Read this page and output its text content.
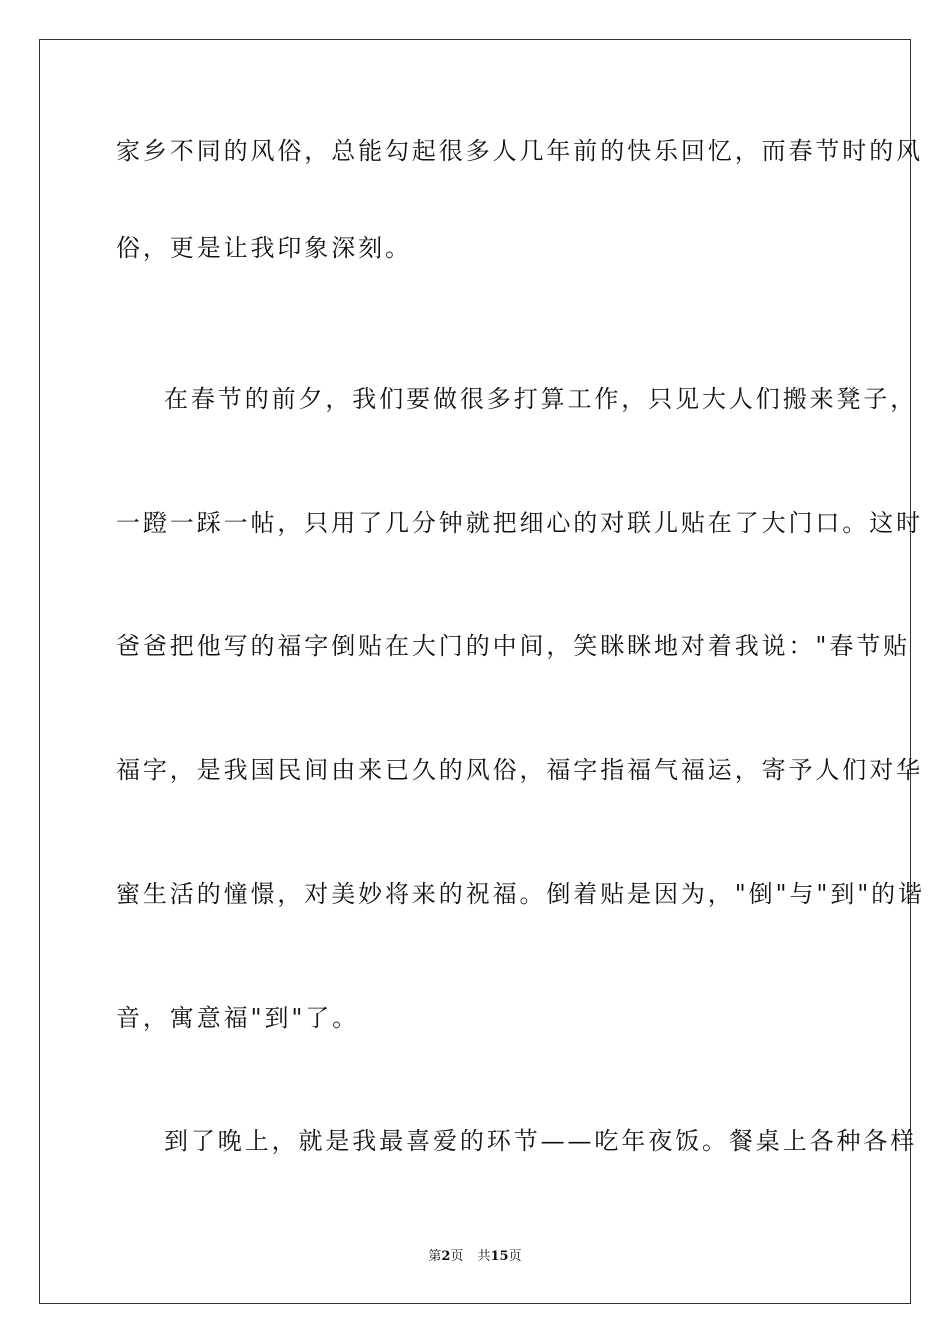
家乡不同的风俗，总能勾起很多人几年前的快乐回忆，而春节时的风
俗，更是让我印象深刻。
在春节的前夕，我们要做很多打算工作，只见大人们搬来凳子，
一蹬一踩一帖，只用了几分钟就把细心的对联儿贴在了大门口。这时
爸爸把他写的福字倒贴在大门的中间，笑眯眯地对着我说："春节贴
福字，是我国民间由来已久的风俗，福字指福气福运，寄予人们对华
蜜生活的憧憬，对美妙将来的祝福。倒着贴是因为，"倒"与"到"的谐
音，寓意福"到"了。
到了晚上，就是我最喜爱的环节——吃年夜饭。餐桌上各种各样
第2页 共15页
